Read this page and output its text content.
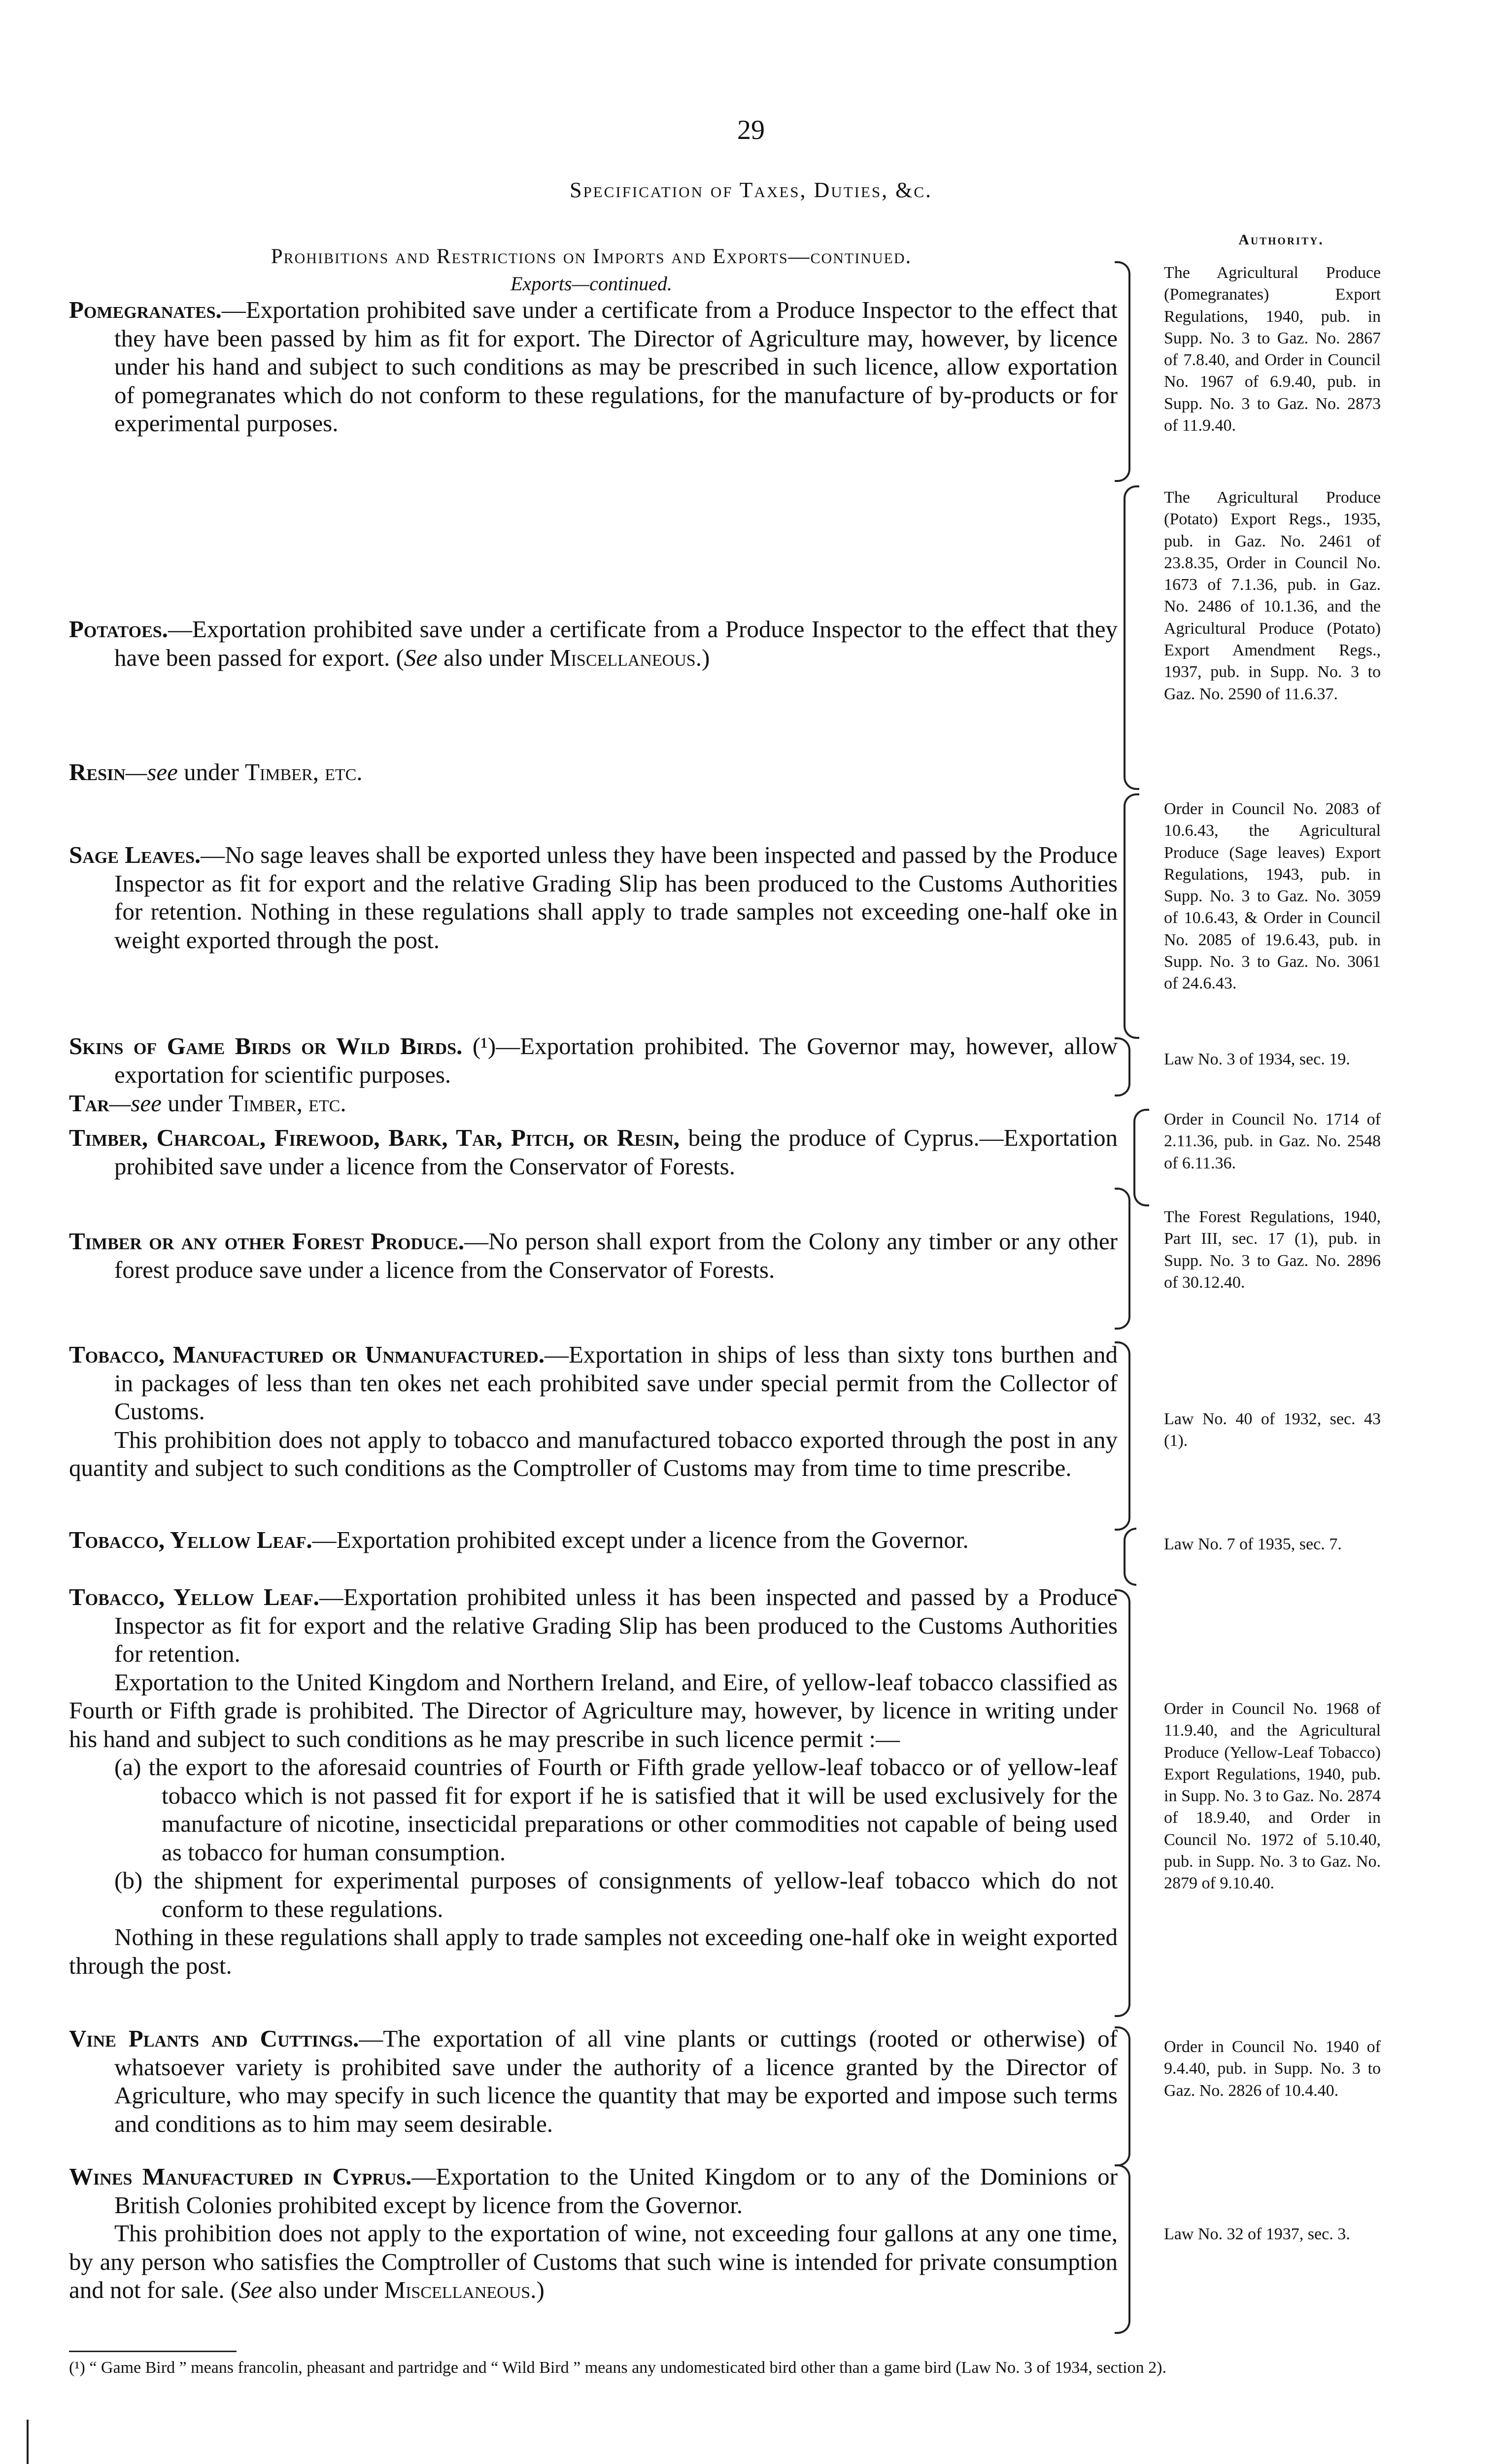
29
Specification of Taxes, Duties, &c.
Authority.
Prohibitions and Restrictions on Imports and Exports—continued.
Exports—continued.

Pomegranates.—Exportation prohibited save under a certificate from a Produce Inspector to the effect that they have been passed by him as fit for export. The Director of Agriculture may, however, by licence under his hand and subject to such conditions as may be prescribed in such licence, allow exportation of pomegranates which do not conform to these regulations, for the manufacture of by-products or for experimental purposes.

The Agricultural Produce (Pomegranates) Export Regulations, 1940, pub. in Supp. No. 3 to Gaz. No. 2867 of 7.8.40, and Order in Council No. 1967 of 6.9.40, pub. in Supp. No. 3 to Gaz. No. 2873 of 11.9.40.

Potatoes.—Exportation prohibited save under a certificate from a Produce Inspector to the effect that they have been passed for export. (See also under Miscellaneous.)

The Agricultural Produce (Potato) Export Regs., 1935, pub. in Gaz. No. 2461 of 23.8.35, Order in Council No. 1673 of 7.1.36, pub. in Gaz. No. 2486 of 10.1.36, and the Agricultural Produce (Potato) Export Amendment Regs., 1937, pub. in Supp. No. 3 to Gaz. No. 2590 of 11.6.37.

Resin—see under Timber, etc.

Sage Leaves.—No sage leaves shall be exported unless they have been inspected and passed by the Produce Inspector as fit for export and the relative Grading Slip has been produced to the Customs Authorities for retention. Nothing in these regulations shall apply to trade samples not exceeding one-half oke in weight exported through the post.

Order in Council No. 2083 of 10.6.43, the Agricultural Produce (Sage leaves) Export Regulations, 1943, pub. in Supp. No. 3 to Gaz. No. 3059 of 10.6.43, & Order in Council No. 2085 of 19.6.43, pub. in Supp. No. 3 to Gaz. No. 3061 of 24.6.43.

Skins of Game Birds or Wild Birds. (¹)—Exportation prohibited. The Governor may, however, allow exportation for scientific purposes.

Law No. 3 of 1934, sec. 19.

Tar—see under Timber, etc.

Timber, Charcoal, Firewood, Bark, Tar, Pitch, or Resin, being the produce of Cyprus.—Exportation prohibited save under a licence from the Conservator of Forests.

Order in Council No. 1714 of 2.11.36, pub. in Gaz. No. 2548 of 6.11.36.

Timber or any other Forest Produce.—No person shall export from the Colony any timber or any other forest produce save under a licence from the Conservator of Forests.

The Forest Regulations, 1940, Part III, sec. 17 (1), pub. in Supp. No. 3 to Gaz. No. 2896 of 30.12.40.

Tobacco, Manufactured or Unmanufactured.—Exportation in ships of less than sixty tons burthen and in packages of less than ten okes net each prohibited save under special permit from the Collector of Customs.

This prohibition does not apply to tobacco and manufactured tobacco exported through the post in any quantity and subject to such conditions as the Comptroller of Customs may from time to time prescribe.

Law No. 40 of 1932, sec. 43 (1).

Tobacco, Yellow Leaf.—Exportation prohibited except under a licence from the Governor.	Law No. 7 of 1935, sec. 7.

Tobacco, Yellow Leaf.—Exportation prohibited unless it has been inspected and passed by a Produce Inspector as fit for export and the relative Grading Slip has been produced to the Customs Authorities for retention.

Exportation to the United Kingdom and Northern Ireland, and Eire, of yellow-leaf tobacco classified as Fourth or Fifth grade is prohibited. The Director of Agriculture may, however, by licence in writing under his hand and subject to such conditions as he may prescribe in such licence permit :—

(a) the export to the aforesaid countries of Fourth or Fifth grade yellow-leaf tobacco or of yellow-leaf tobacco which is not passed fit for export if he is satisfied that it will be used exclusively for the manufacture of nicotine, insecticidal preparations or other commodities not capable of being used as tobacco for human consumption.

(b) the shipment for experimental purposes of consignments of yellow-leaf tobacco which do not conform to these regulations.

Nothing in these regulations shall apply to trade samples not exceeding one-half oke in weight exported through the post.

Order in Council No. 1968 of 11.9.40, and the Agricultural Produce (Yellow-Leaf Tobacco) Export Regulations, 1940, pub. in Supp. No. 3 to Gaz. No. 2874 of 18.9.40, and Order in Council No. 1972 of 5.10.40, pub. in Supp. No. 3 to Gaz. No. 2879 of 9.10.40.

Vine Plants and Cuttings.—The exportation of all vine plants or cuttings (rooted or otherwise) of whatsoever variety is prohibited save under the authority of a licence granted by the Director of Agriculture, who may specify in such licence the quantity that may be exported and impose such terms and conditions as to him may seem desirable.

Order in Council No. 1940 of 9.4.40, pub. in Supp. No. 3 to Gaz. No. 2826 of 10.4.40.

Wines Manufactured in Cyprus.—Exportation to the United Kingdom or to any of the Dominions or British Colonies prohibited except by licence from the Governor.

This prohibition does not apply to the exportation of wine, not exceeding four gallons at any one time, by any person who satisfies the Comptroller of Customs that such wine is intended for private consumption and not for sale. (See also under Miscellaneous.)

Law No. 32 of 1937, sec. 3.
(¹) “ Game Bird ” means francolin, pheasant and partridge and “ Wild Bird ” means any undomesticated bird other than a game bird (Law No. 3 of 1934, section 2).
